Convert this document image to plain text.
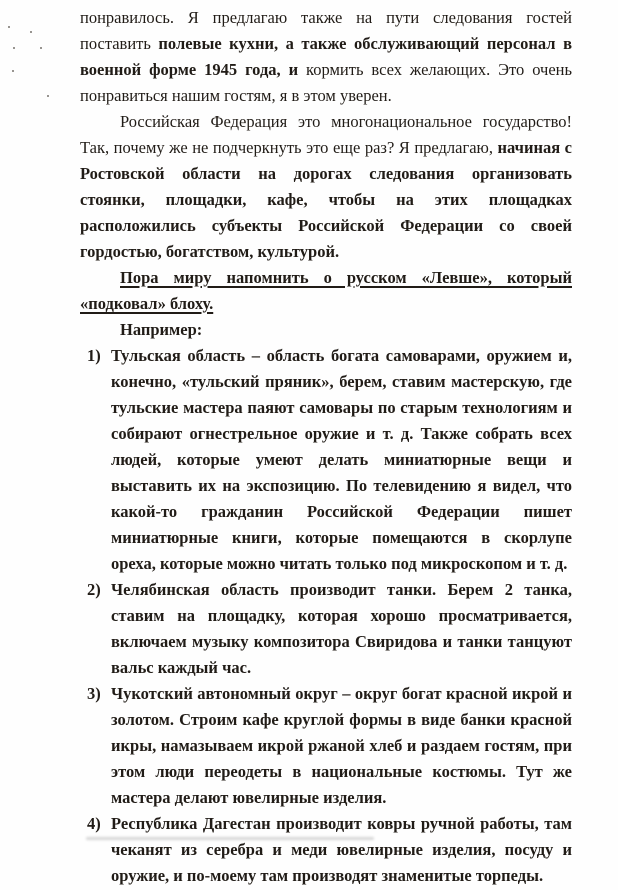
понравилось. Я предлагаю также на пути следования гостей поставить полевые кухни, а также обслуживающий персонал в военной форме 1945 года, и кормить всех желающих. Это очень понравиться нашим гостям, я в этом уверен.

Российская Федерация это многонациональное государство! Так, почему же не подчеркнуть это еще раз? Я предлагаю, начиная с Ростовской области на дорогах следования организовать стоянки, площадки, кафе, чтобы на этих площадках расположились субъекты Российской Федерации со своей гордостью, богатством, культурой.

Пора миру напомнить о русском «Левше», который «подковал» блоху.

Например:

1) Тульская область – область богата самоварами, оружием и, конечно, «тульский пряник», берем, ставим мастерскую, где тульские мастера паяют самовары по старым технологиям и собирают огнестрельное оружие и т. д. Также собрать всех людей, которые умеют делать миниатюрные вещи и выставить их на экспозицию. По телевидению я видел, что какой-то гражданин Российской Федерации пишет миниатюрные книги, которые помещаются в скорлупе ореха, которые можно читать только под микроскопом и т. д.
2) Челябинская область производит танки. Берем 2 танка, ставим на площадку, которая хорошо просматривается, включаем музыку композитора Свиридова и танки танцуют вальс каждый час.
3) Чукотский автономный округ – округ богат красной икрой и золотом. Строим кафе круглой формы в виде банки красной икры, намазываем икрой ржаной хлеб и раздаем гостям, при этом люди переодеты в национальные костюмы. Тут же мастера делают ювелирные изделия.
4) Республика Дагестан производит ковры ручной работы, там чеканят из серебра и меди ювелирные изделия, посуду и оружие, и по-моему там производят знаменитые торпеды.
